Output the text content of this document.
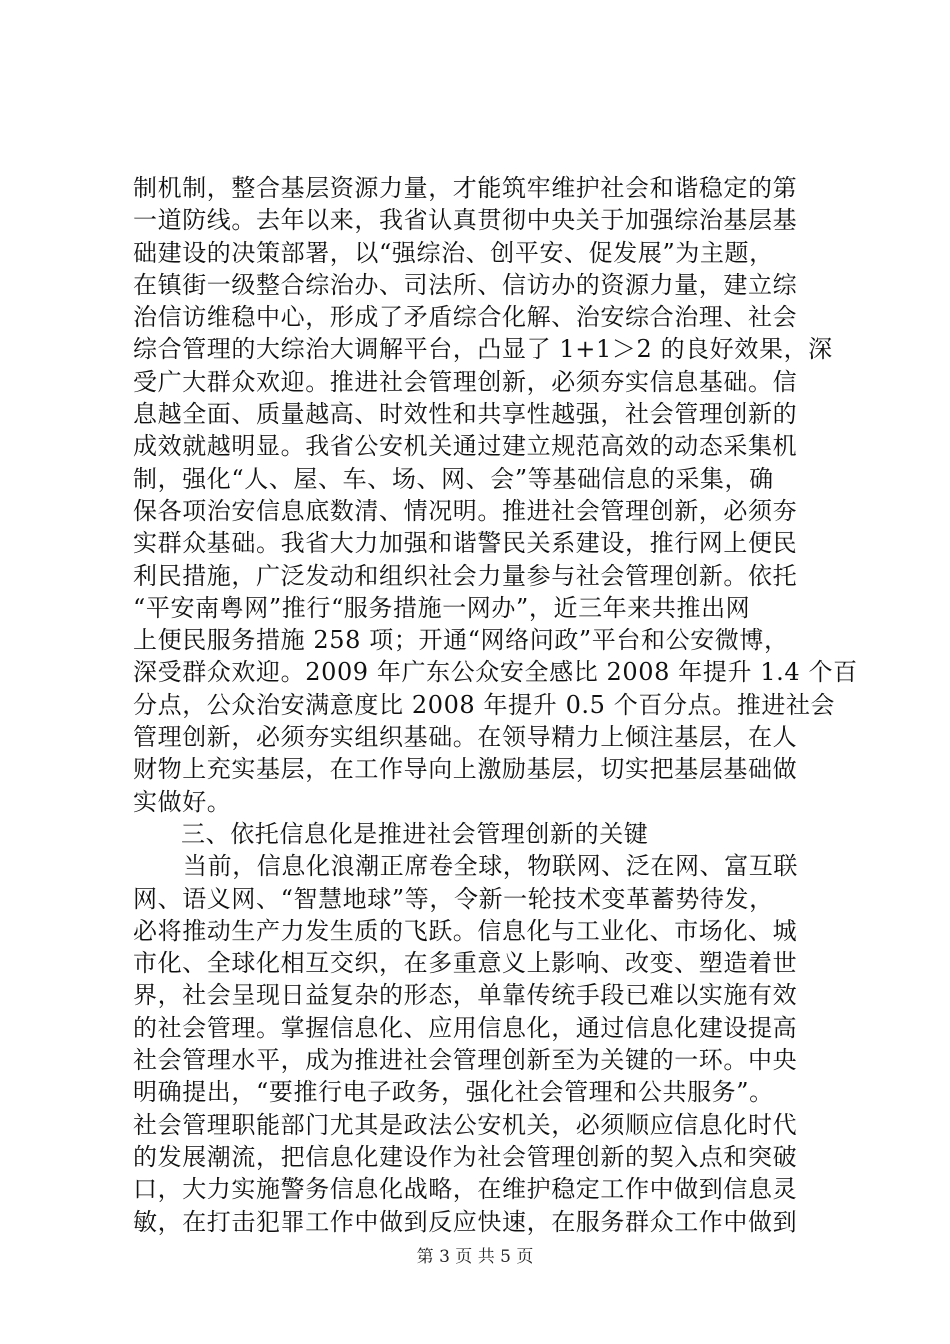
制机制，整合基层资源力量，才能筑牢维护社会和谐稳定的第
一道防线。去年以来，我省认真贯彻中央关于加强综治基层基
础建设的决策部署，以“强综治、创平安、促发展”为主题，
在镇街一级整合综治办、司法所、信访办的资源力量，建立综
治信访维稳中心，形成了矛盾综合化解、治安综合治理、社会
综合管理的大综治大调解平台，凸显了 1+1＞2 的良好效果，深
受广大群众欢迎。推进社会管理创新，必须夯实信息基础。信
息越全面、质量越高、时效性和共享性越强，社会管理创新的
成效就越明显。我省公安机关通过建立规范高效的动态采集机
制，强化“人、屋、车、场、网、会”等基础信息的采集，确
保各项治安信息底数清、情况明。推进社会管理创新，必须夯
实群众基础。我省大力加强和谐警民关系建设，推行网上便民
利民措施，广泛发动和组织社会力量参与社会管理创新。依托
“平安南粤网”推行“服务措施一网办”，近三年来共推出网
上便民服务措施 258 项；开通“网络问政”平台和公安微博，
深受群众欢迎。2009 年广东公众安全感比 2008 年提升 1.4 个百
分点，公众治安满意度比 2008 年提升 0.5 个百分点。推进社会
管理创新，必须夯实组织基础。在领导精力上倾注基层，在人
财物上充实基层，在工作导向上激励基层，切实把基层基础做
实做好。
三、依托信息化是推进社会管理创新的关键
当前，信息化浪潮正席卷全球，物联网、泛在网、富互联
网、语义网、“智慧地球”等，令新一轮技术变革蓄势待发，
必将推动生产力发生质的飞跃。信息化与工业化、市场化、城
市化、全球化相互交织，在多重意义上影响、改变、塑造着世
界，社会呈现日益复杂的形态，单靠传统手段已难以实施有效
的社会管理。掌握信息化、应用信息化，通过信息化建设提高
社会管理水平，成为推进社会管理创新至为关键的一环。中央
明确提出，“要推行电子政务，强化社会管理和公共服务”。
社会管理职能部门尤其是政法公安机关，必须顺应信息化时代
的发展潮流，把信息化建设作为社会管理创新的契入点和突破
口，大力实施警务信息化战略，在维护稳定工作中做到信息灵
敏，在打击犯罪工作中做到反应快速，在服务群众工作中做到
第 3 页 共 5 页
